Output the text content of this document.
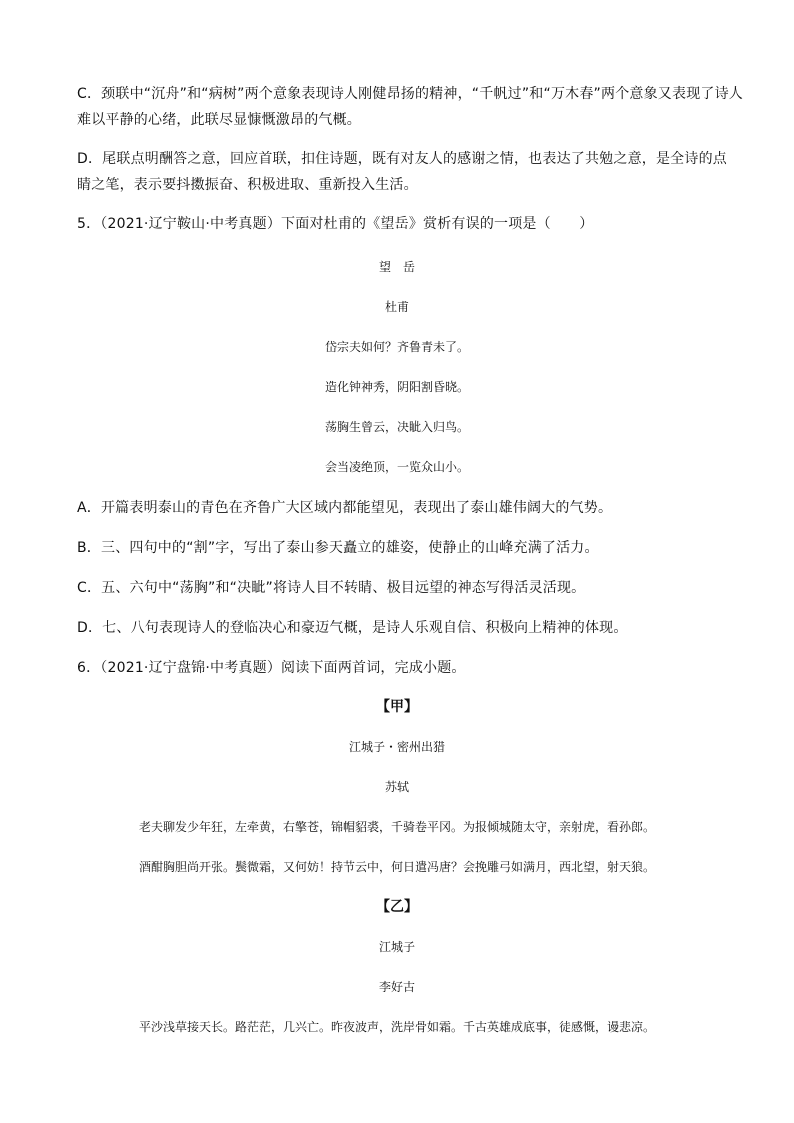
C．颈联中“沉舟”和“病树”两个意象表现诗人刚健昂扬的精神，“千帆过”和“万木春”两个意象又表现了诗人
难以平静的心绪，此联尽显慷慨激昂的气概。
D．尾联点明酬答之意，回应首联，扣住诗题，既有对友人的感谢之情，也表达了共勉之意，是全诗的点
睛之笔，表示要抖擞振奋、积极进取、重新投入生活。
5．（2021·辽宁鞍山·中考真题）下面对杜甫的《望岳》赏析有误的一项是（　　）
望　岳
杜甫
岱宗夫如何？齐鲁青未了。
造化钟神秀，阴阳割昏晓。
荡胸生曾云，决眦入归鸟。
会当凌绝顶，一览众山小。
A．开篇表明泰山的青色在齐鲁广大区域内都能望见，表现出了泰山雄伟阔大的气势。
B．三、四句中的“割”字，写出了泰山参天矗立的雄姿，使静止的山峰充满了活力。
C．五、六句中“荡胸”和“决眦”将诗人目不转睛、极目远望的神态写得活灵活现。
D．七、八句表现诗人的登临决心和豪迈气概，是诗人乐观自信、积极向上精神的体现。
6．（2021·辽宁盘锦·中考真题）阅读下面两首词，完成小题。
【甲】
江城子・密州出猎
苏轼
老夫聊发少年狂，左牵黄，右擎苍，锦帽貂裘，千骑卷平冈。为报倾城随太守，亲射虎，看孙郎。
酒酣胸胆尚开张。鬓微霜，又何妨！持节云中，何日遣冯唐？会挽雕弓如满月，西北望，射天狼。
【乙】
江城子
李好古
平沙浅草接天长。路茫茫，几兴亡。昨夜波声，洗岸骨如霜。千古英雄成底事，徒感慨，谩悲凉。
